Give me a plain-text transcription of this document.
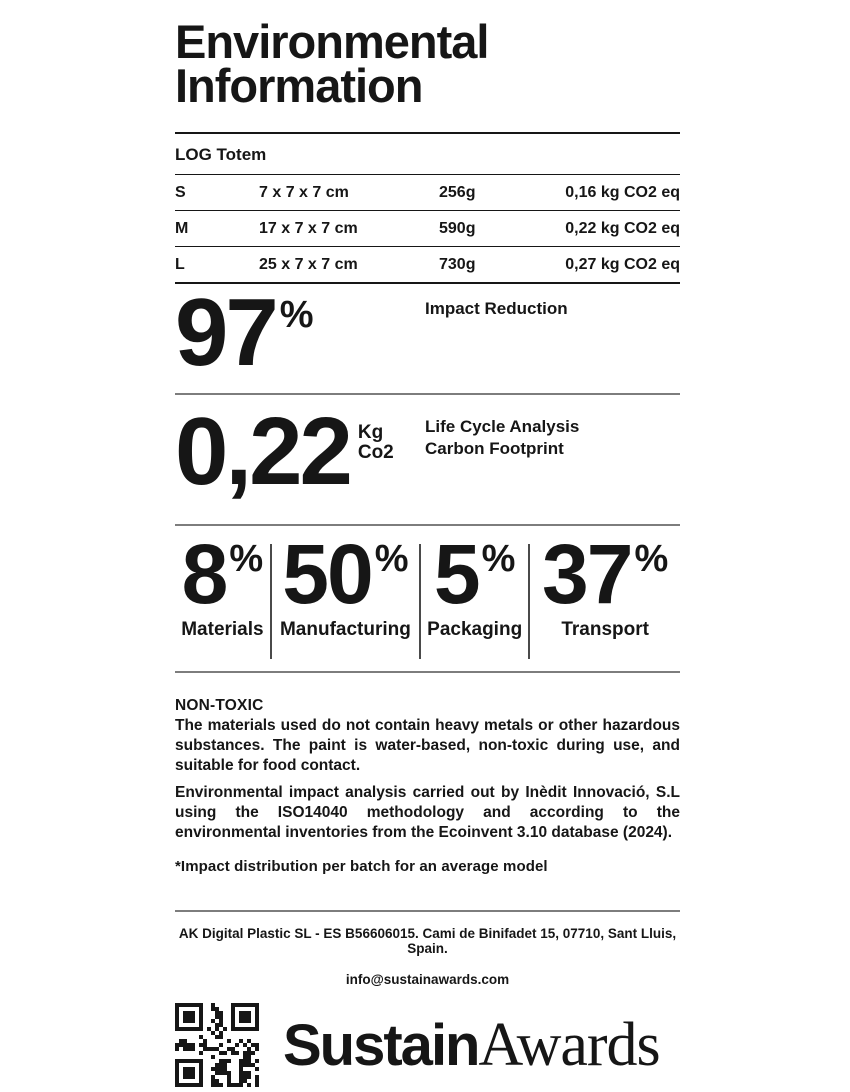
Environmental
Information
LOG Totem
S	7 x 7 x 7 cm	256g	0,16 kg CO2 eq
M	17 x 7 x 7 cm	590g	0,22 kg CO2 eq
L	25 x 7 x 7 cm	730g	0,27 kg CO2 eq
97 %	Impact Reduction
0,22 Kg
Co2
Life Cycle Analysis
Carbon Footprint
8 %
Materials
50 %
Manufacturing
5 %
Packaging
37 %
Transport
NON-TOXIC

The materials used do not contain heavy metals or other hazardous substances. The paint is water-based, non-toxic during use, and suitable for food contact.

Environmental impact analysis carried out by Inèdit Innovació, S.L using the ISO14040 methodology and according to the environmental inventories from the Ecoinvent 3.10 database (2024).

*Impact distribution per batch for an average model
AK Digital Plastic SL - ES B56606015. Cami de Binifadet 15, 07710, Sant Lluis, Spain.
info@sustainawards.com
SustainAwards
